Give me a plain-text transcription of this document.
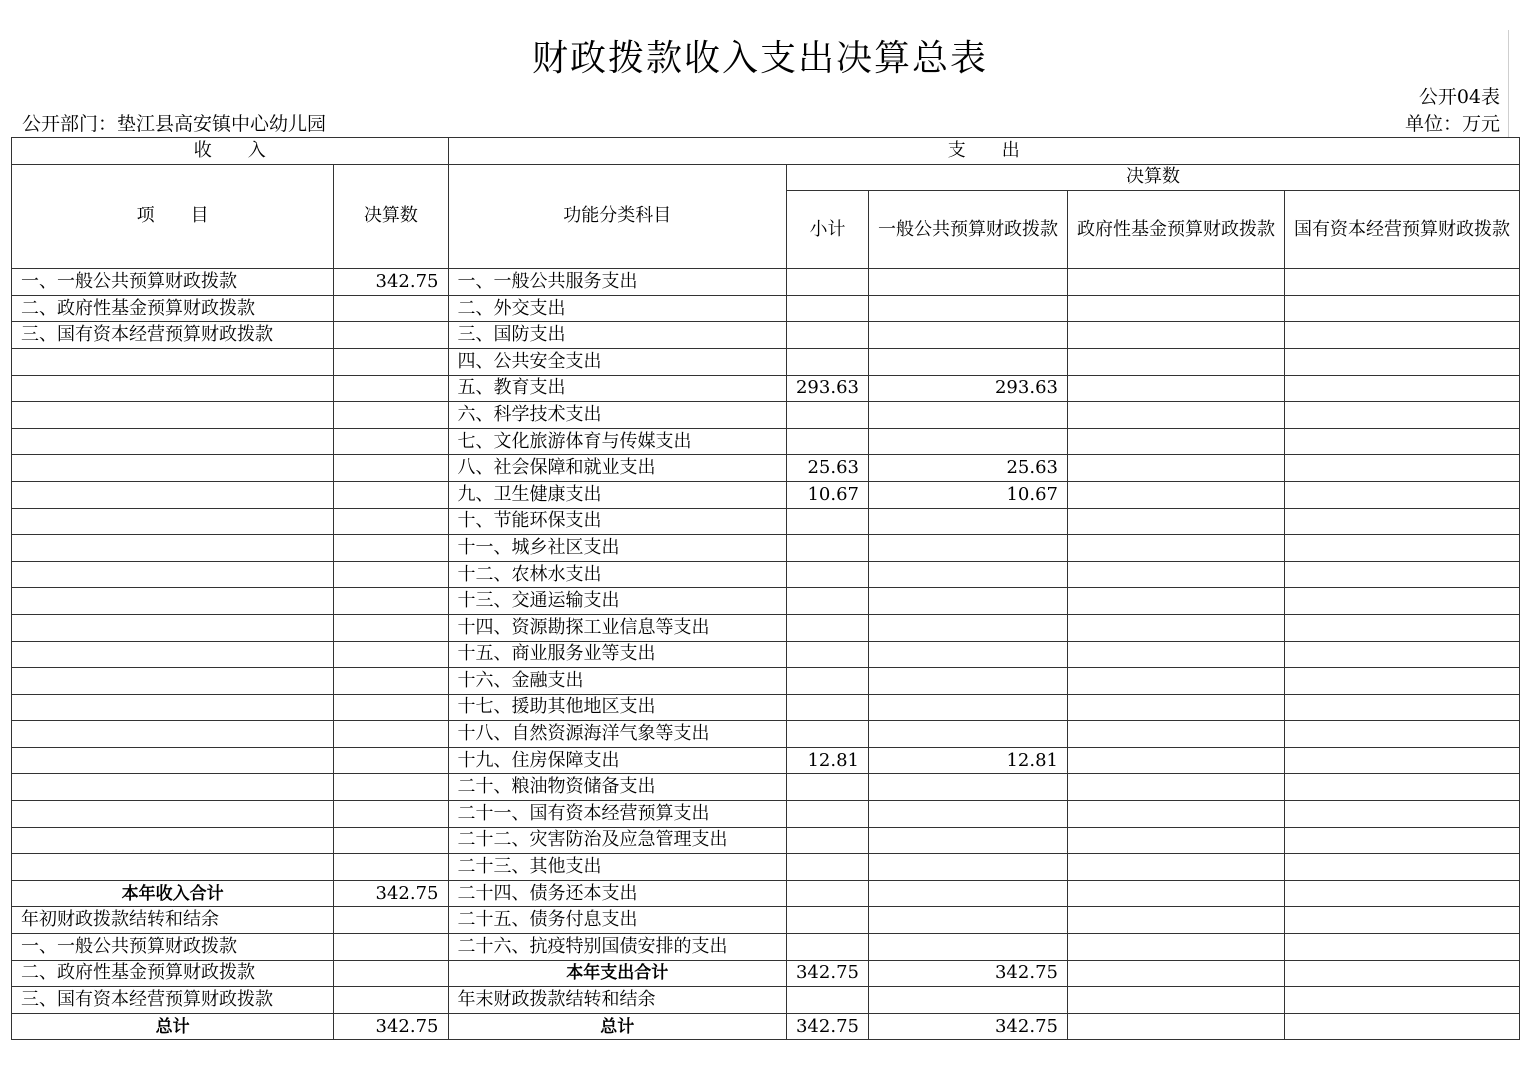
财政拨款收入支出决算总表
公开04表
公开部门：垫江县高安镇中心幼儿园	单位：万元
收　　入		支　　出				
项　　目	决算数	功能分类科目	决算数			
			小计	一般公共预算财政拨款	政府性基金预算财政拨款	国有资本经营预算财政拨款
一、一般公共预算财政拨款	342.75	一、一般公共服务支出				
二、政府性基金预算财政拨款		二、外交支出				
三、国有资本经营预算财政拨款		三、国防支出				
		四、公共安全支出				
		五、教育支出	293.63	293.63		
		六、科学技术支出				
		七、文化旅游体育与传媒支出				
		八、社会保障和就业支出	25.63	25.63		
		九、卫生健康支出	10.67	10.67		
		十、节能环保支出				
		十一、城乡社区支出				
		十二、农林水支出				
		十三、交通运输支出				
		十四、资源勘探工业信息等支出				
		十五、商业服务业等支出				
		十六、金融支出				
		十七、援助其他地区支出				
		十八、自然资源海洋气象等支出				
		十九、住房保障支出	12.81	12.81		
		二十、粮油物资储备支出				
		二十一、国有资本经营预算支出				
		二十二、灾害防治及应急管理支出				
		二十三、其他支出				
本年收入合计	342.75	二十四、债务还本支出				
年初财政拨款结转和结余		二十五、债务付息支出				
一、一般公共预算财政拨款		二十六、抗疫特别国债安排的支出				
二、政府性基金预算财政拨款		本年支出合计	342.75	342.75		
三、国有资本经营预算财政拨款		年末财政拨款结转和结余				
总计	342.75	总计	342.75	342.75		
